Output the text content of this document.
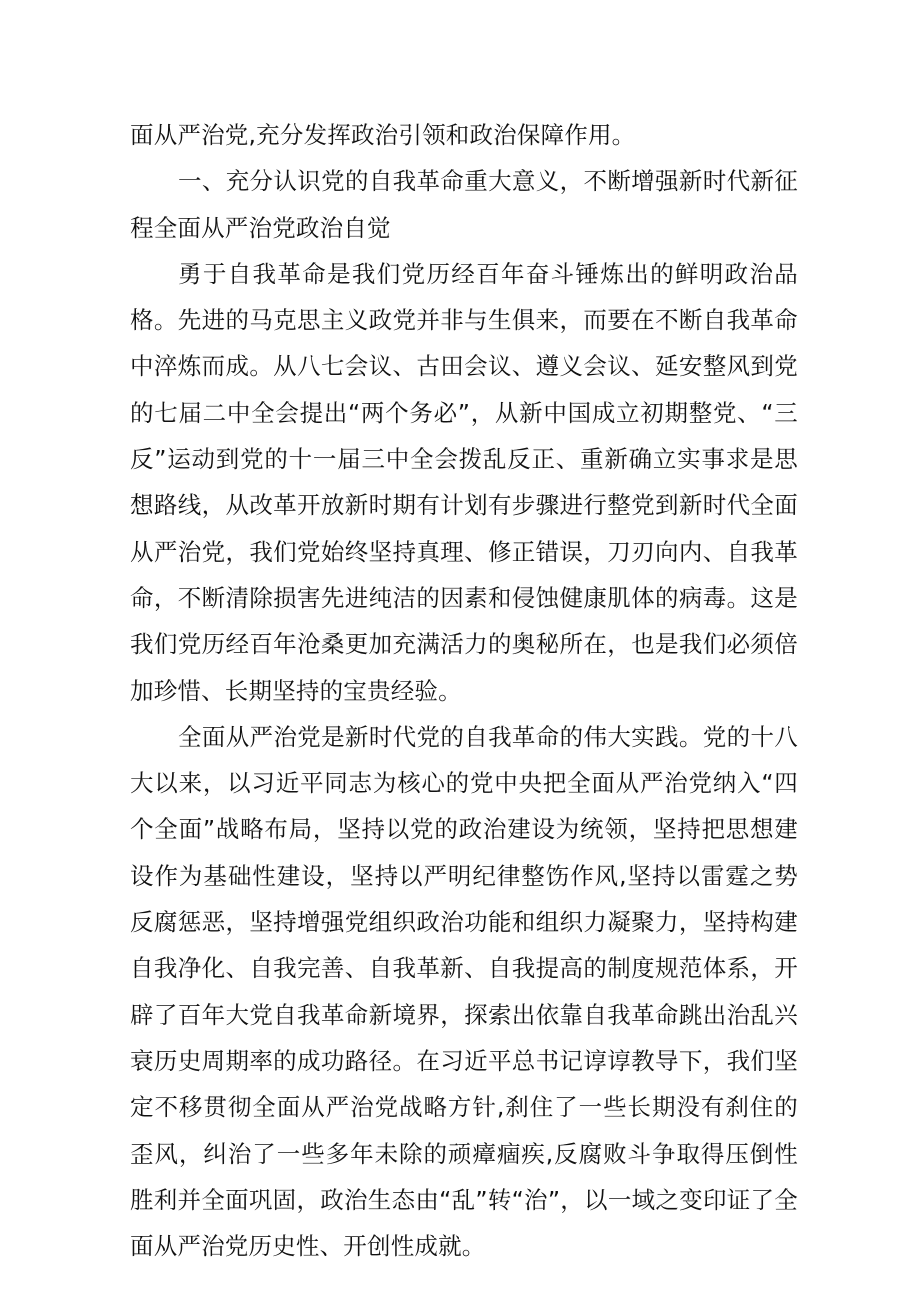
面从严治党,充分发挥政治引领和政治保障作用。

一、充分认识党的自我革命重大意义，不断增强新时代新征程全面从严治党政治自觉

勇于自我革命是我们党历经百年奋斗锤炼出的鲜明政治品格。先进的马克思主义政党并非与生俱来，而要在不断自我革命中淬炼而成。从八七会议、古田会议、遵义会议、延安整风到党的七届二中全会提出“两个务必”，从新中国成立初期整党、“三反”运动到党的十一届三中全会拨乱反正、重新确立实事求是思想路线，从改革开放新时期有计划有步骤进行整党到新时代全面从严治党，我们党始终坚持真理、修正错误，刀刃向内、自我革命，不断清除损害先进纯洁的因素和侵蚀健康肌体的病毒。这是我们党历经百年沧桑更加充满活力的奥秘所在，也是我们必须倍加珍惜、长期坚持的宝贵经验。

全面从严治党是新时代党的自我革命的伟大实践。党的十八大以来，以习近平同志为核心的党中央把全面从严治党纳入“四个全面”战略布局，坚持以党的政治建设为统领，坚持把思想建设作为基础性建设，坚持以严明纪律整饬作风,坚持以雷霆之势反腐惩恶，坚持增强党组织政治功能和组织力凝聚力，坚持构建自我净化、自我完善、自我革新、自我提高的制度规范体系，开辟了百年大党自我革命新境界，探索出依靠自我革命跳出治乱兴衰历史周期率的成功路径。在习近平总书记谆谆教导下，我们坚定不移贯彻全面从严治党战略方针,刹住了一些长期没有刹住的歪风，纠治了一些多年未除的顽瘴痼疾,反腐败斗争取得压倒性胜利并全面巩固，政治生态由“乱”转“治”，以一域之变印证了全面从严治党历史性、开创性成就。
